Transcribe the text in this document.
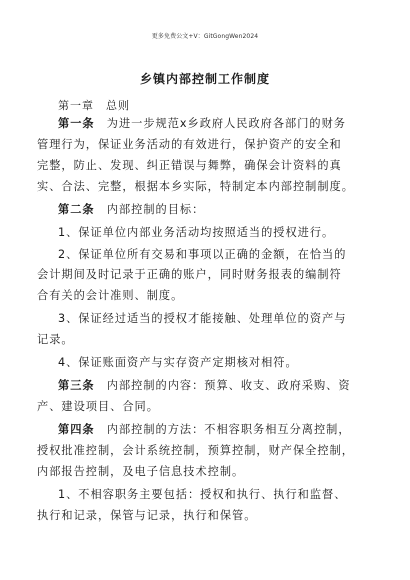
更多免费公文+V：GitGongWen2024
乡镇内部控制工作制度
第一章　总则
第一条　为进一步规范x乡政府人民政府各部门的财务
管理行为，保证业务活动的有效进行，保护资产的安全和
完整，防止、发现、纠正错误与舞弊，确保会计资料的真
实、合法、完整，根据本乡实际，特制定本内部控制制度。
第二条　内部控制的目标：
1、保证单位内部业务活动均按照适当的授权进行。
2、保证单位所有交易和事项以正确的金额，在恰当的
会计期间及时记录于正确的账户，同时财务报表的编制符
合有关的会计准则、制度。
3、保证经过适当的授权才能接触、处理单位的资产与
记录。
4、保证账面资产与实存资产定期核对相符。
第三条　内部控制的内容：预算、收支、政府采购、资
产、建设项目、合同。
第四条　内部控制的方法：不相容职务相互分离控制，
授权批准控制，会计系统控制，预算控制，财产保全控制，
内部报告控制，及电子信息技术控制。
1、不相容职务主要包括：授权和执行、执行和监督、
执行和记录，保管与记录，执行和保管。
